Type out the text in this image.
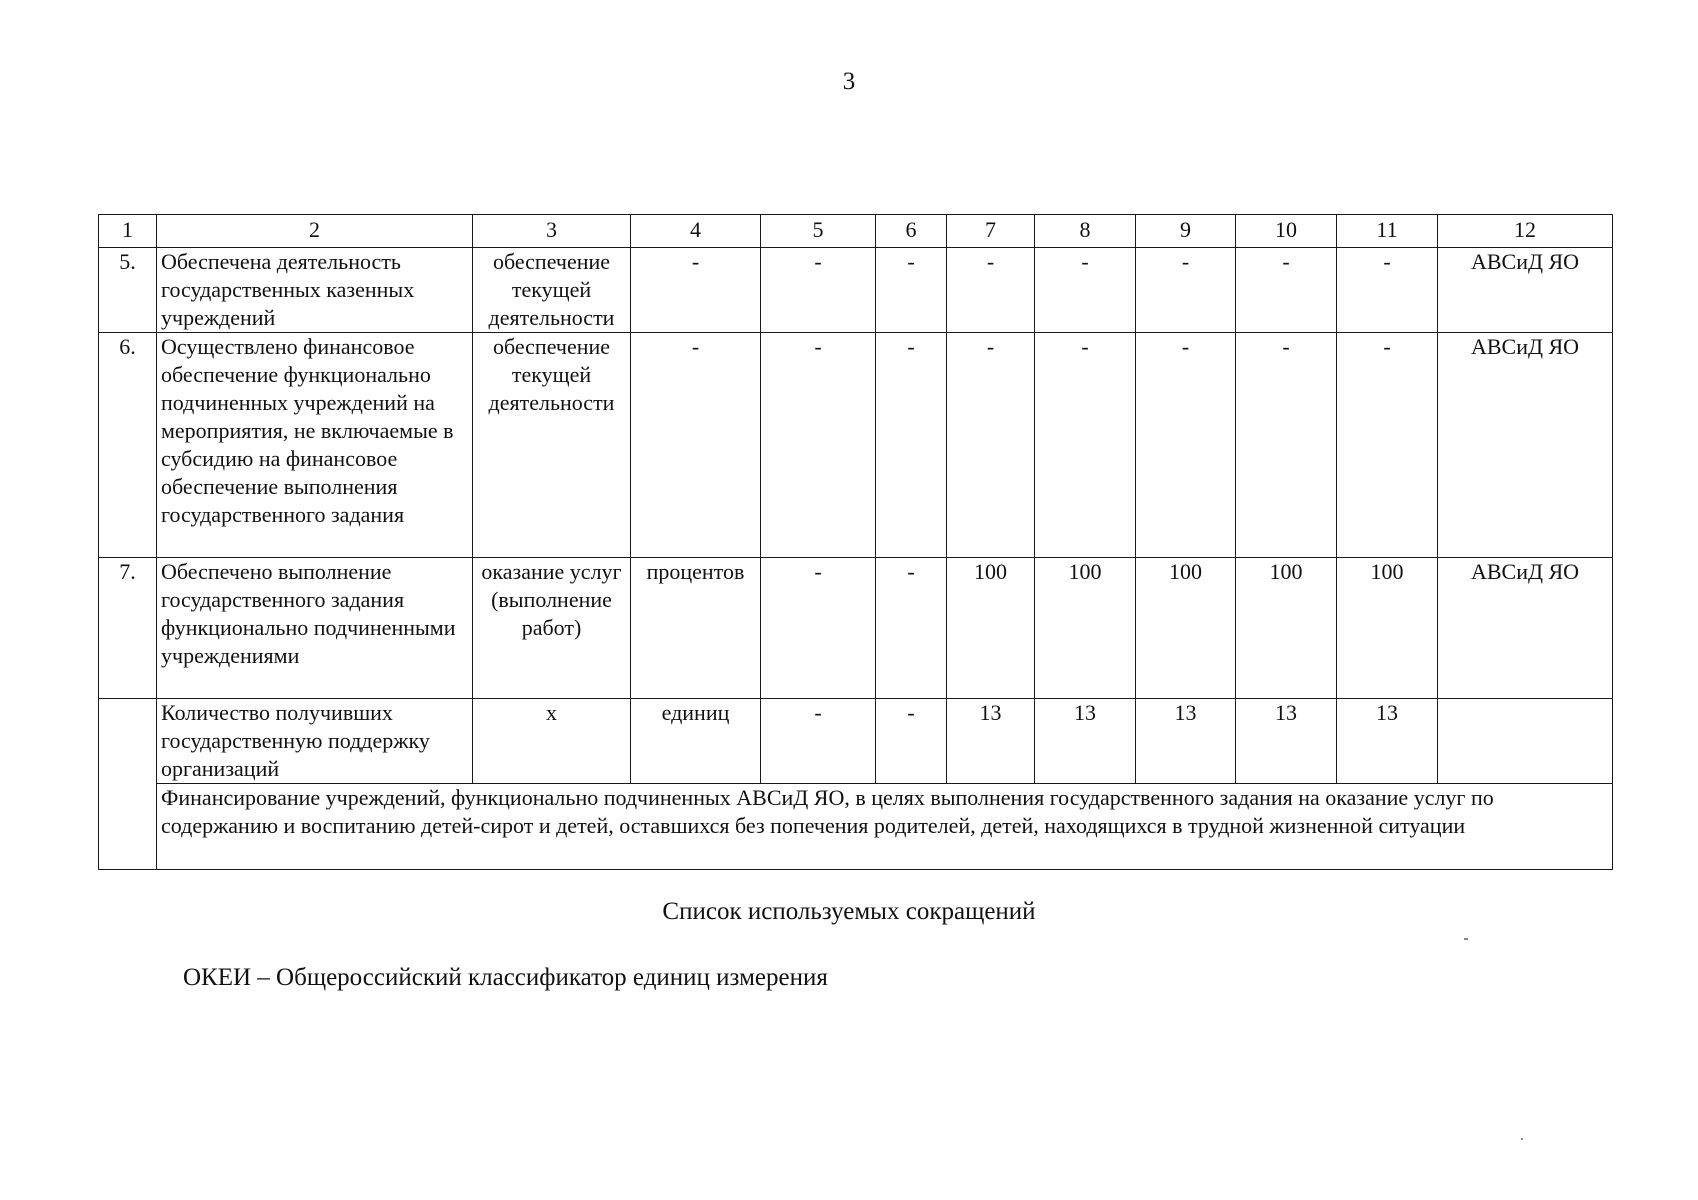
3
1	2	3	4	5	6	7	8	9	10	11	12
5.	Обеспечена деятельность государственных казенных учреждений	обеспечение текущей деятельности	-	-	-	-	-	-	-	-	АВСиД ЯО
6.	Осуществлено финансовое обеспечение функционально подчиненных учреждений на мероприятия, не включаемые в субсидию на финансовое обеспечение выполнения государственного задания	обеспечение текущей деятельности	-	-	-	-	-	-	-	-	АВСиД ЯО
7.	Обеспечено выполнение государственного задания функционально подчиненными учреждениями	оказание услуг (выполнение работ)	процентов	-	-	100	100	100	100	100	АВСиД ЯО
	Количество получивших государственную поддержку организаций	х	единиц	-	-	13	13	13	13	13	
	Финансирование учреждений, функционально подчиненных АВСиД ЯО, в целях выполнения государственного задания на оказание услуг по содержанию и воспитанию детей-сирот и детей, оставшихся без попечения родителей, детей, находящихся в трудной жизненной ситуации										
Список используемых сокращений
ОКЕИ – Общероссийский классификатор единиц измерения
